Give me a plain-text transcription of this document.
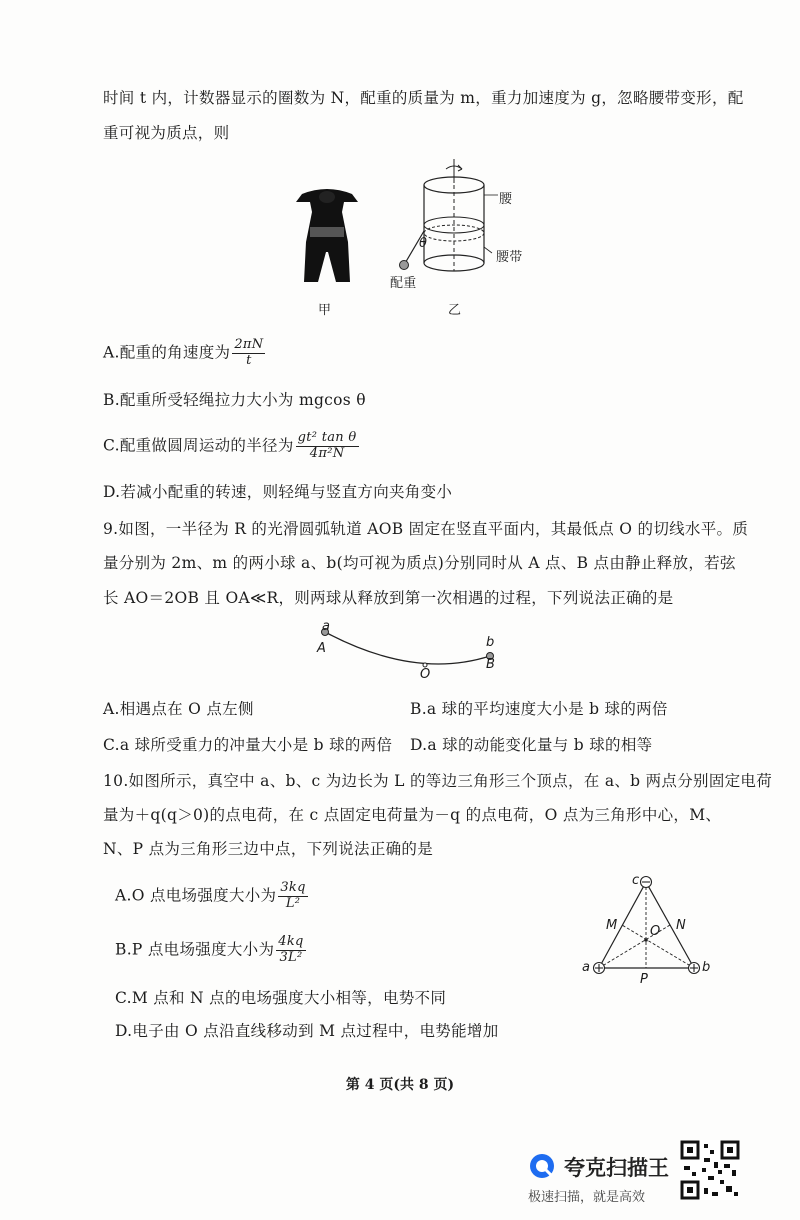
时间 t 内，计数器显示的圈数为 N，配重的质量为 m，重力加速度为 g，忽略腰带变形，配
重可视为质点，则
甲
腰
腰带
配重
θ
乙
A.配重的角速度为 $\frac{2\pi N}{t}$
B.配重所受轻绳拉力大小为 mgcos θ
C.配重做圆周运动的半径为 $\frac{\text{gt² tan θ}}{\text{4π²N}}$
D.若减小配重的转速，则轻绳与竖直方向夹角变小
9.如图，一半径为 R 的光滑圆弧轨道 AOB 固定在竖直平面内，其最低点 O 的切线水平。质
量分别为 2m、m 的两小球 a、b(均可视为质点)分别同时从 A 点、B 点由静止释放，若弦
长 AO＝2OB 且 OA≪R，则两球从释放到第一次相遇的过程，下列说法正确的是
a
A	b
B
O
A.相遇点在 O 点左侧	B.a 球的平均速度大小是 b 球的两倍
C.a 球所受重力的冲量大小是 b 球的两倍 D.a 球的动能变化量与 b 球的相等
10.如图所示，真空中 a、b、c 为边长为 L 的等边三角形三个顶点，在 a、b 两点分别固定电荷
量为＋q(q＞0)的点电荷，在 c 点固定电荷量为－q 的点电荷，O 点为三角形中心，M、
N、P 点为三角形三边中点，下列说法正确的是
A.O 点电场强度大小为 $\frac{3kq}{\text{L²}}$
B.P 点电场强度大小为 $\frac{4kq}{\text{3L²}}$
C.M 点和 N 点的电场强度大小相等，电势不同
D.电子由 O 点沿直线移动到 M 点过程中，电势能增加
c
a	b
M	N
O
P
第 4 页(共 8 页)
夸克扫描王
极速扫描，就是高效
